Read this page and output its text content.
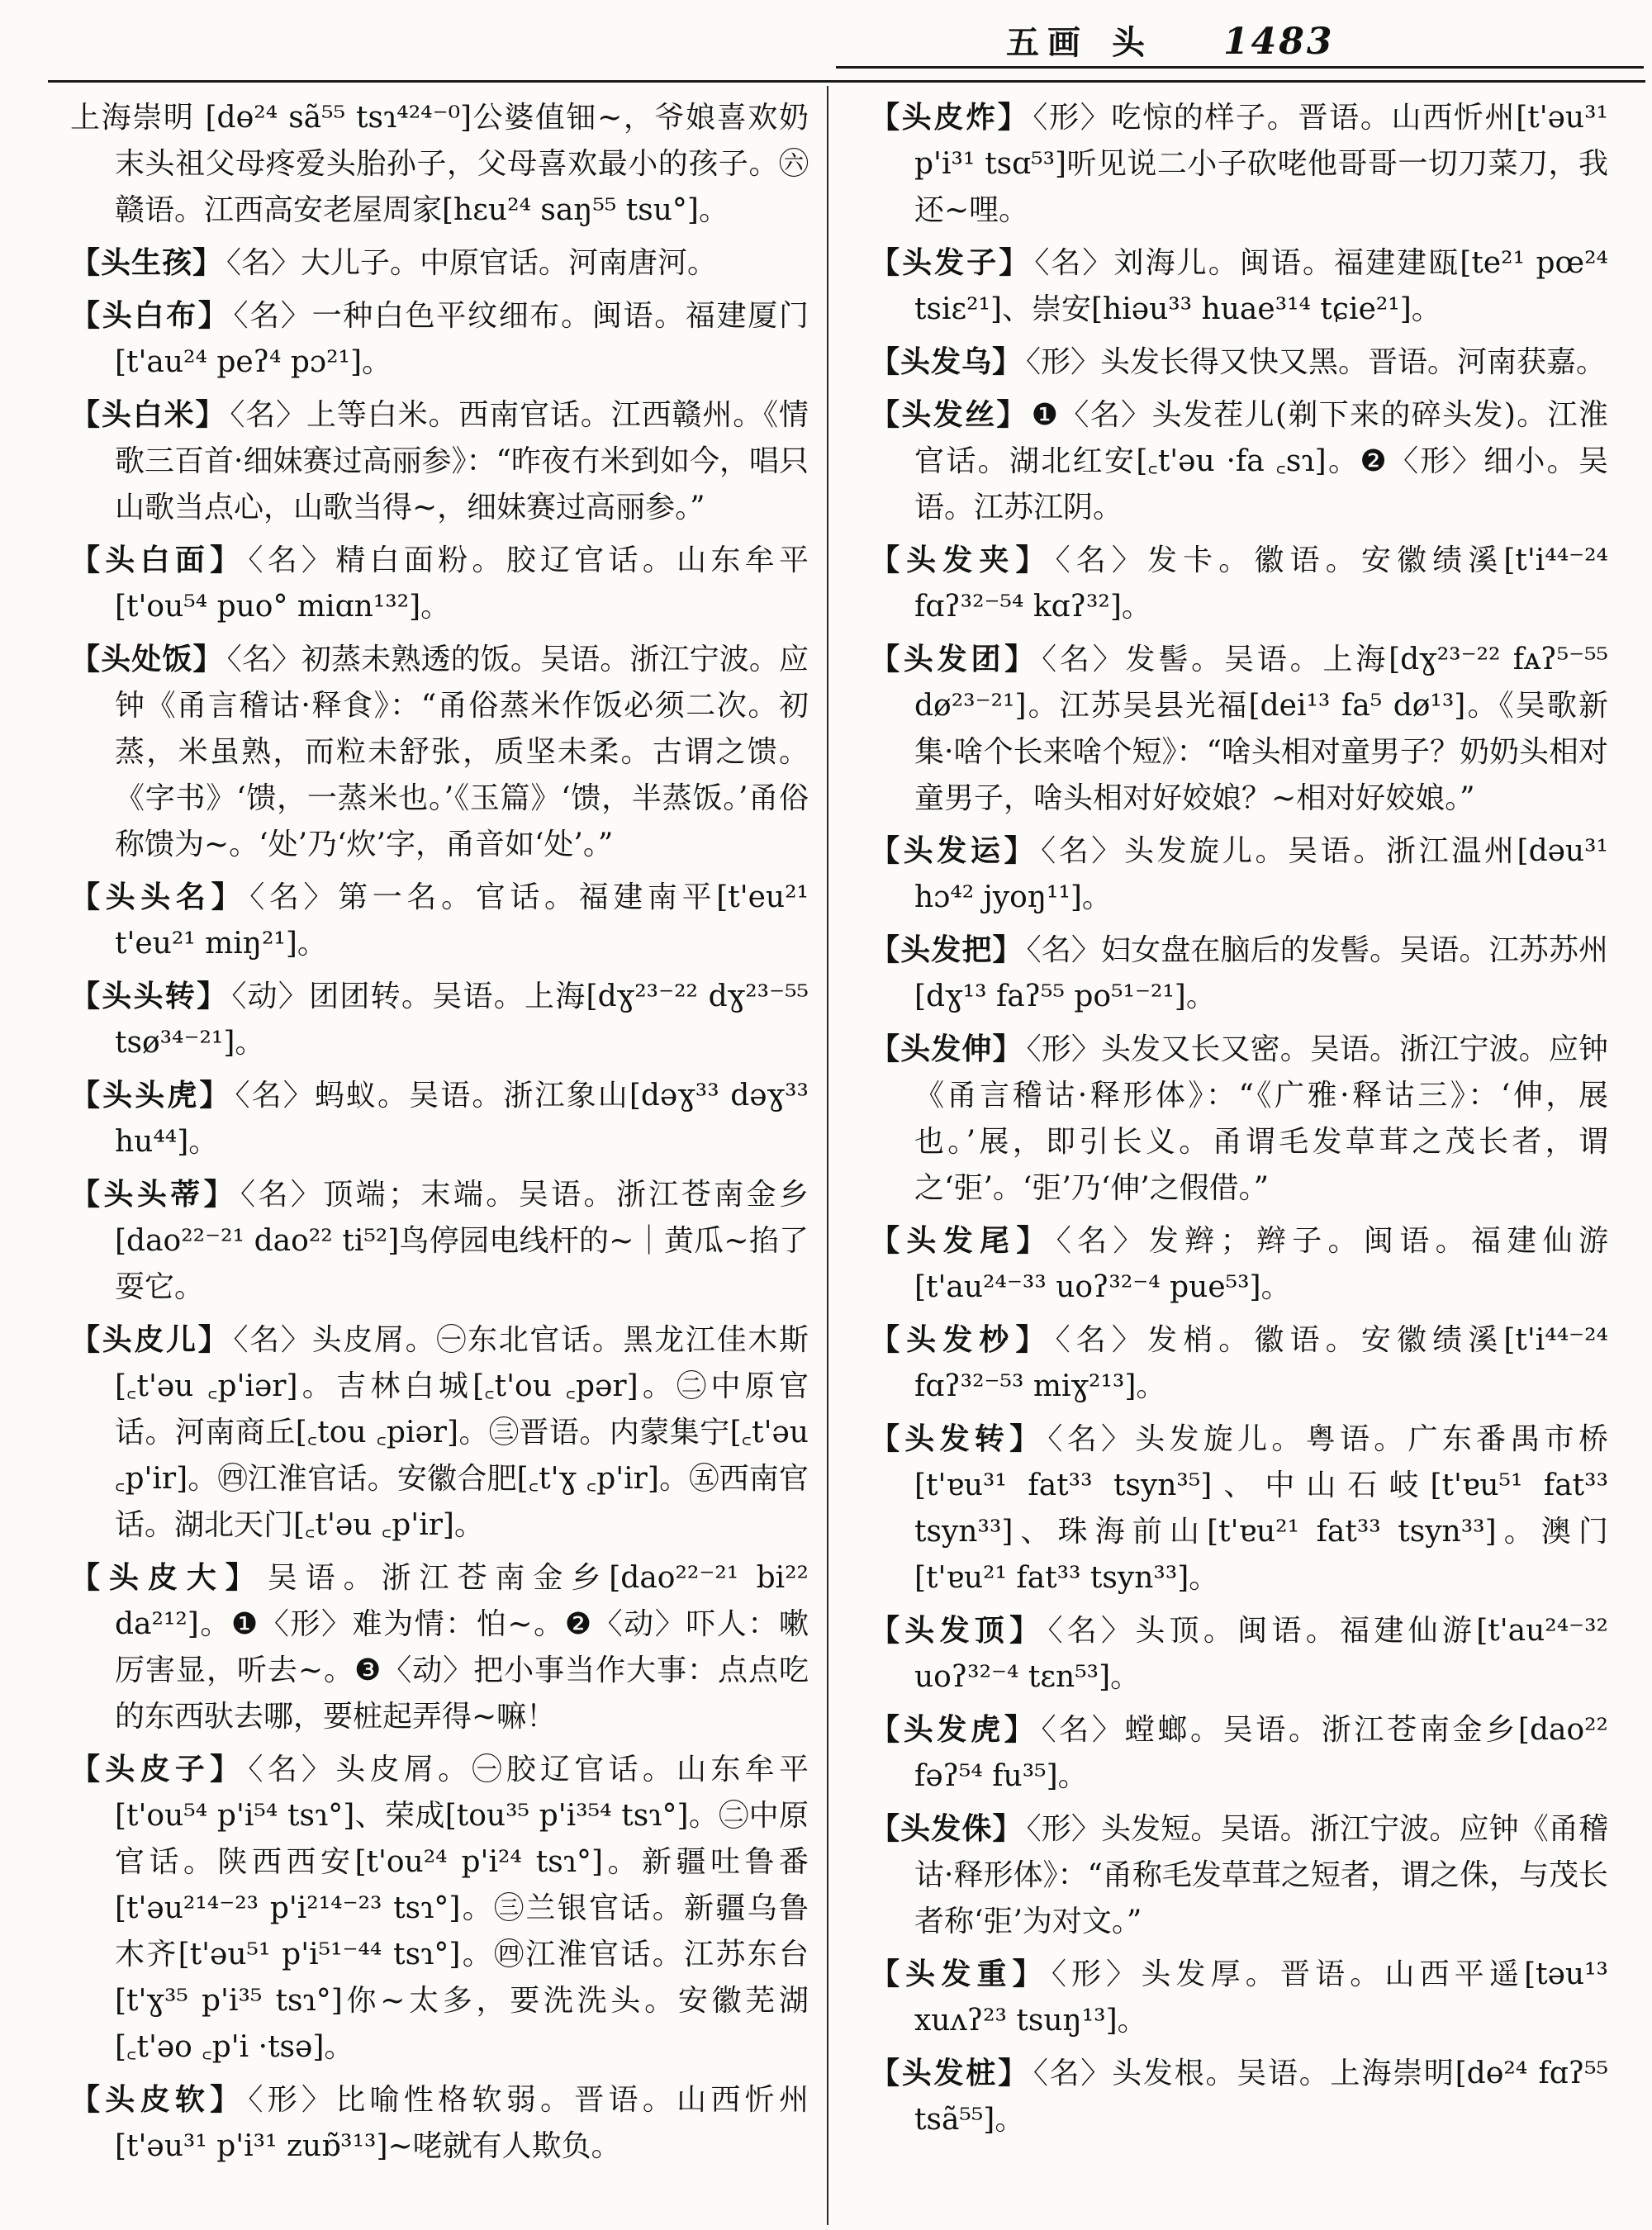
五画 头 1483
上海崇明 [dɵ²⁴ sã⁵⁵ tsɿ⁴²⁴⁻⁰]公婆值钿~，爷娘喜欢奶末头祖父母疼爱头胎孙子，父母喜欢最小的孩子。㊅赣语。江西高安老屋周家[hɛu²⁴ saŋ⁵⁵ tsu°]。
【头生孩】 〈名〉大儿子。中原官话。河南唐河。
【头白布】 〈名〉一种白色平纹细布。闽语。福建厦门[t'au²⁴ peʔ⁴ pɔ²¹]。
【头白米】 〈名〉上等白米。西南官话。江西赣州。《情歌三百首·细妹赛过高丽参》：“昨夜冇米到如今，唱只山歌当点心，山歌当得~，细妹赛过高丽参。”
【头白面】 〈名〉精白面粉。胶辽官话。山东牟平[t'ou⁵⁴ puo° miɑn¹³²]。
【头处饭】 〈名〉初蒸未熟透的饭。吴语。浙江宁波。应钟《甬言稽诂·释食》：“甬俗蒸米作饭必须二次。初蒸，米虽熟，而粒未舒张，质坚未柔。古谓之馈。《字书》‘馈，一蒸米也。’《玉篇》‘馈，半蒸饭。’甬俗称馈为~。‘处’乃‘炊’字，甬音如‘处’。”
【头头名】 〈名〉第一名。官话。福建南平[t'eu²¹ t'eu²¹ miŋ²¹]。
【头头转】 〈动〉团团转。吴语。上海[dɣ²³⁻²² dɣ²³⁻⁵⁵ tsø³⁴⁻²¹]。
【头头虎】 〈名〉蚂蚁。吴语。浙江象山[dəɣ³³ dəɣ³³ hu⁴⁴]。
【头头蒂】 〈名〉顶端；末端。吴语。浙江苍南金乡[dao²²⁻²¹ dao²² ti⁵²]鸟停园电线杆的~｜黄瓜~掐了耍它。
【头皮儿】 〈名〉头皮屑。㊀东北官话。黑龙江佳木斯[꜀t'əu ꜀p'iər]。吉林白城[꜀t'ou ꜀pər]。㊁中原官话。河南商丘[꜀tou ꜀piər]。㊂晋语。内蒙集宁[꜀t'əu ꜀p'ir]。㊃江淮官话。安徽合肥[꜀t'ɣ ꜀p'ir]。㊄西南官话。湖北天门[꜀t'əu ꜀p'ir]。
【头皮大】 吴语。浙江苍南金乡[dao²²⁻²¹ bi²² da²¹²]。❶〈形〉难为情：怕~。❷〈动〉吓人：嗽厉害显，听去~。❸〈动〉把小事当作大事：点点吃的东西驮去哪，要桩起弄得~嘛！
【头皮子】 〈名〉头皮屑。㊀胶辽官话。山东牟平[t'ou⁵⁴ p'i⁵⁴ tsɿ°]、荣成[tou³⁵ p'i³⁵⁴ tsɿ°]。㊁中原官话。陕西西安[t'ou²⁴ p'i²⁴ tsɿ°]。新疆吐鲁番[t'əu²¹⁴⁻²³ p'i²¹⁴⁻²³ tsɿ°]。㊂兰银官话。新疆乌鲁木齐[t'əu⁵¹ p'i⁵¹⁻⁴⁴ tsɿ°]。㊃江淮官话。江苏东台[t'ɣ³⁵ p'i³⁵ tsɿ°]你~太多，要洗洗头。安徽芜湖[꜀t'əo ꜀p'i ·tsə]。
【头皮软】 〈形〉比喻性格软弱。晋语。山西忻州[t'əu³¹ p'i³¹ zuɒ̃³¹³]~咾就有人欺负。
【头皮炸】 〈形〉吃惊的样子。晋语。山西忻州[t'əu³¹ p'i³¹ tsɑ⁵³]听见说二小子砍咾他哥哥一切刀菜刀，我还~哩。
【头发子】 〈名〉刘海儿。闽语。福建建瓯[te²¹ pœ²⁴ tsiɛ²¹]、崇安[hiəu³³ huae³¹⁴ tɕie²¹]。
【头发乌】 〈形〉头发长得又快又黑。晋语。河南获嘉。
【头发丝】 ❶〈名〉头发茬儿(剃下来的碎头发)。江淮官话。湖北红安[꜀t'əu ·fa ꜀sɿ]。❷〈形〉细小。吴语。江苏江阴。
【头发夹】 〈名〉发卡。徽语。安徽绩溪[t'i⁴⁴⁻²⁴ fɑʔ³²⁻⁵⁴ kɑʔ³²]。
【头发团】 〈名〉发髻。吴语。上海[dɣ²³⁻²² fᴀʔ⁵⁻⁵⁵ dø²³⁻²¹]。江苏吴县光福[dei¹³ fa⁵ dø¹³]。《吴歌新集·啥个长来啥个短》：“啥头相对童男子？奶奶头相对童男子，啥头相对好姣娘？~相对好姣娘。”
【头发运】 〈名〉头发旋儿。吴语。浙江温州[dəu³¹ hɔ⁴² jyoŋ¹¹]。
【头发把】 〈名〉妇女盘在脑后的发髻。吴语。江苏苏州[dɣ¹³ faʔ⁵⁵ po⁵¹⁻²¹]。
【头发伸】 〈形〉头发又长又密。吴语。浙江宁波。应钟《甬言稽诂·释形体》：“《广雅·释诂三》：‘伸，展也。’展，即引长义。甬谓毛发草茸之茂长者，谓之‘弡’。‘弡’乃‘伸’之假借。”
【头发尾】 〈名〉发辫；辫子。闽语。福建仙游[t'au²⁴⁻³³ uoʔ³²⁻⁴ pue⁵³]。
【头发杪】 〈名〉发梢。徽语。安徽绩溪[t'i⁴⁴⁻²⁴ fɑʔ³²⁻⁵³ miɣ²¹³]。
【头发转】 〈名〉头发旋儿。粤语。广东番禺市桥[t'ɐu³¹ fat³³ tsyn³⁵]、中山石岐[t'ɐu⁵¹ fat³³ tsyn³³]、珠海前山[t'ɐu²¹ fat³³ tsyn³³]。澳门[t'ɐu²¹ fat³³ tsyn³³]。
【头发顶】 〈名〉头顶。闽语。福建仙游[t'au²⁴⁻³² uoʔ³²⁻⁴ tɛn⁵³]。
【头发虎】 〈名〉螳螂。吴语。浙江苍南金乡[dao²² fəʔ⁵⁴ fu³⁵]。
【头发侏】 〈形〉头发短。吴语。浙江宁波。应钟《甬稽诂·释形体》：“甬称毛发草茸之短者，谓之侏，与茂长者称‘弡’为对文。”
【头发重】 〈形〉头发厚。晋语。山西平遥[təu¹³ xuʌʔ²³ tsuŋ¹³]。
【头发桩】 〈名〉头发根。吴语。上海崇明[dɵ²⁴ fɑʔ⁵⁵ tsã⁵⁵]。
